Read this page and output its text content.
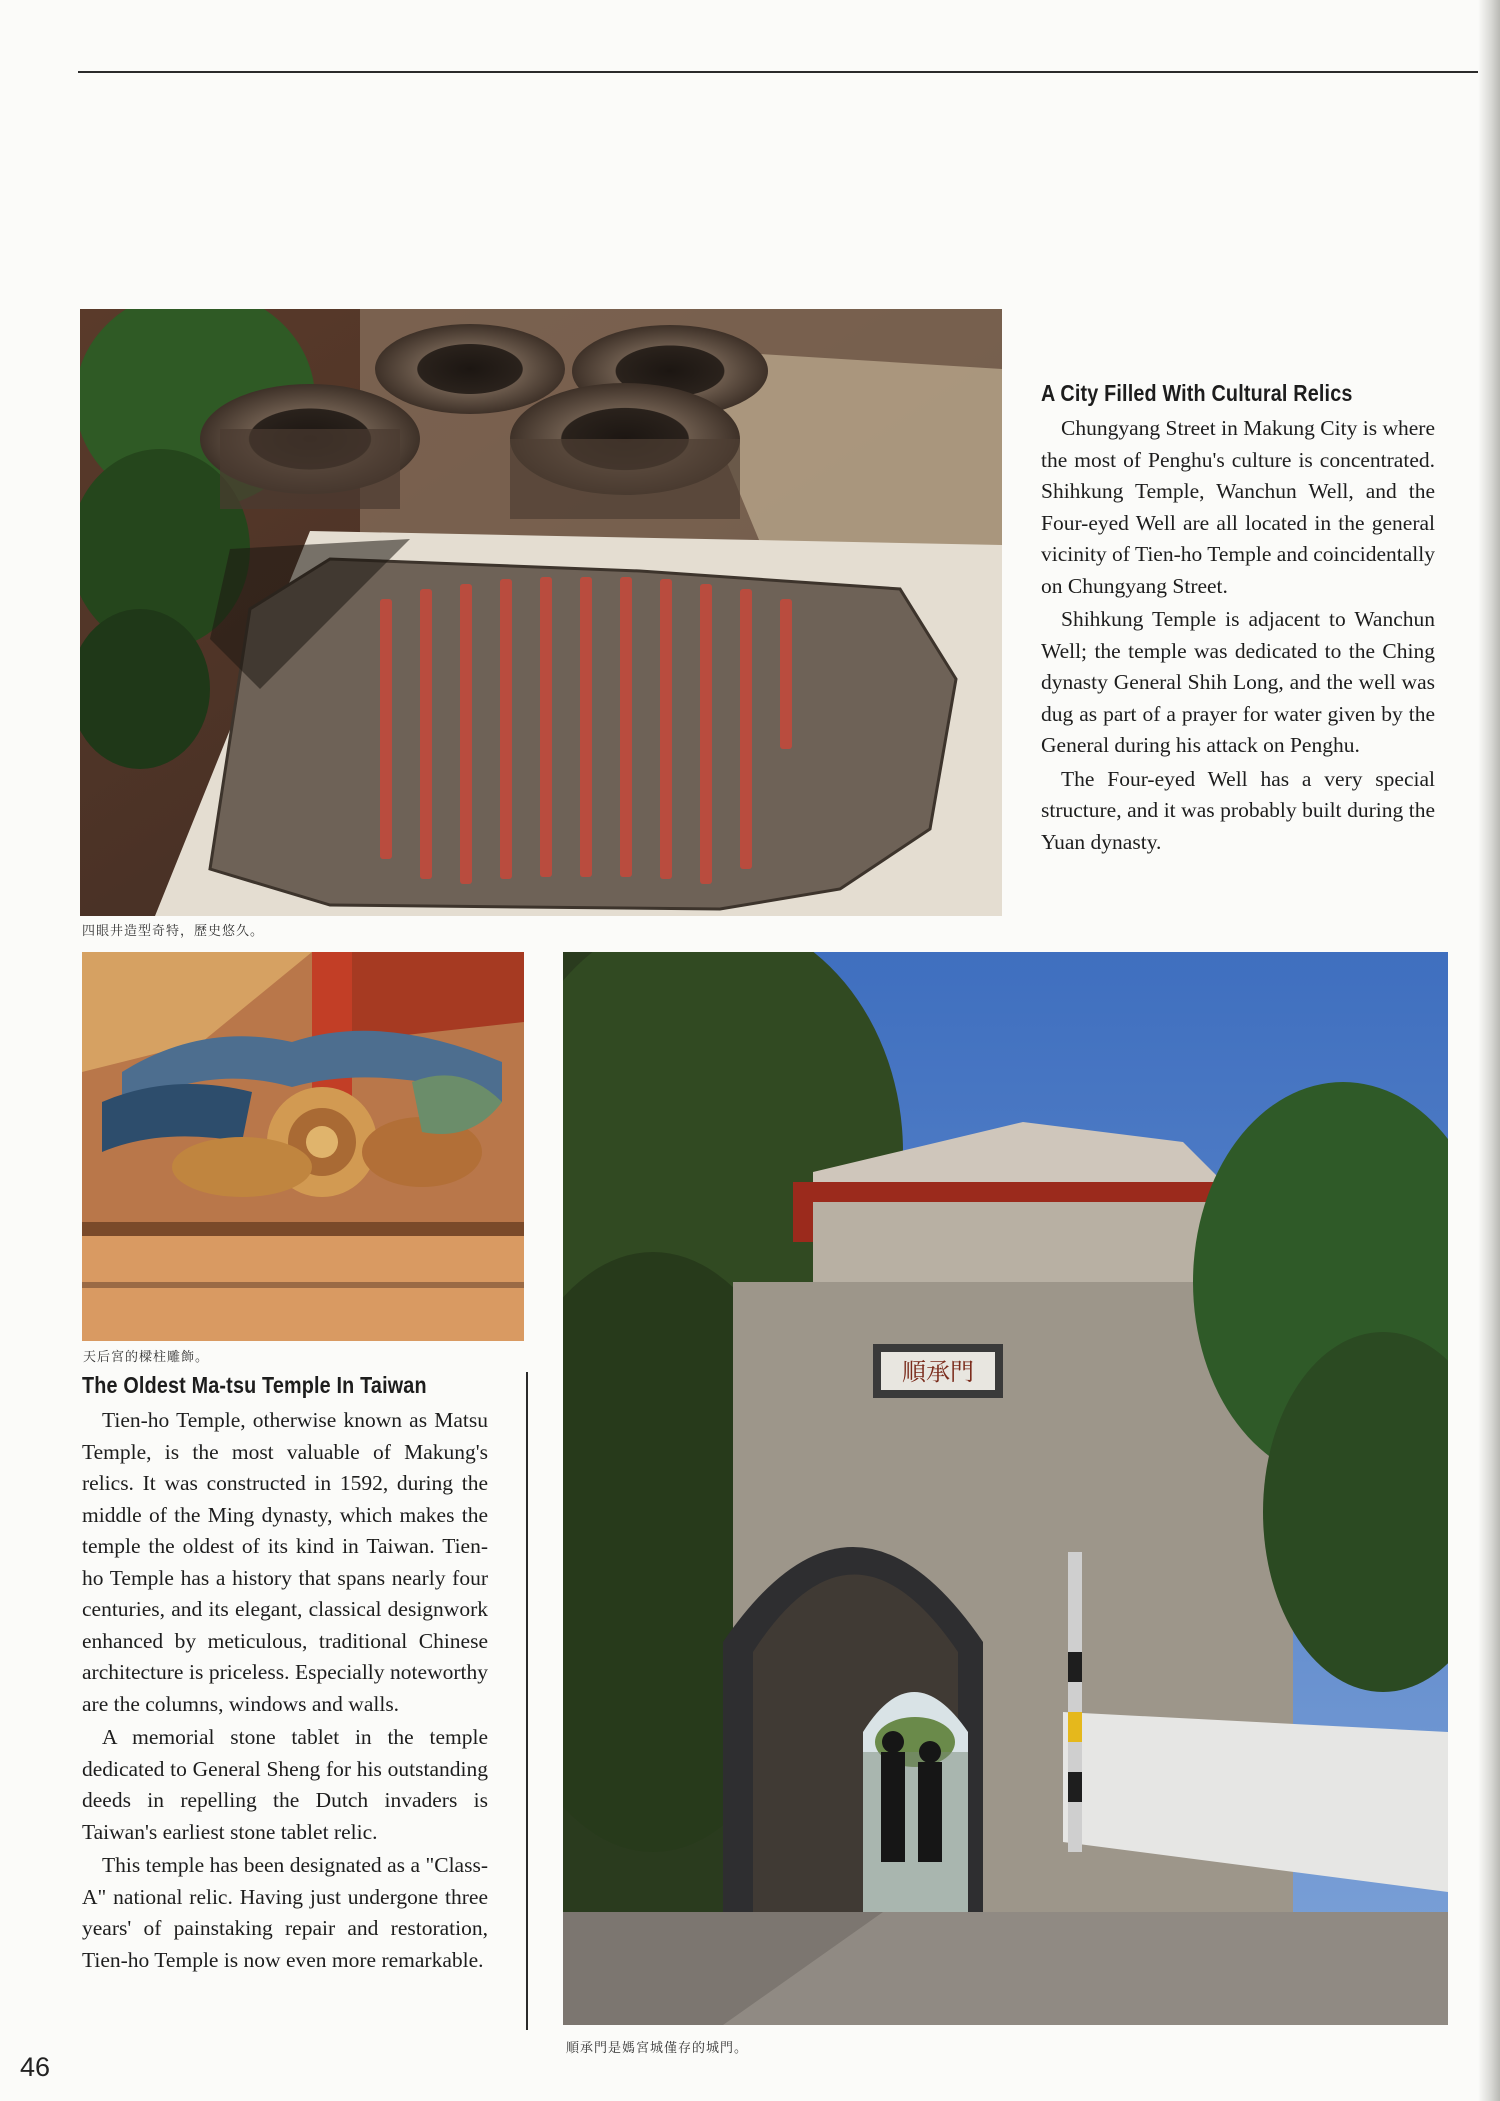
四眼井造型奇特，歷史悠久。
A City Filled With Cultural Relics

Chungyang Street in Makung City is where the most of Penghu's culture is concentrated. Shihkung Temple, Wanchun Well, and the Four-eyed Well are all located in the general vicinity of Tien-ho Temple and coincidentally on Chungyang Street.

Shihkung Temple is adjacent to Wanchun Well; the temple was dedicated to the Ching dynasty General Shih Long, and the well was dug as part of a prayer for water given by the General during his attack on Penghu.

The Four-eyed Well has a very special structure, and it was probably built during the Yuan dynasty.

天后宮的樑柱雕飾。
The Oldest Ma-tsu Temple In Taiwan

Tien-ho Temple, otherwise known as Matsu Temple, is the most valuable of Makung's relics. It was constructed in 1592, during the middle of the Ming dynasty, which makes the temple the oldest of its kind in Taiwan. Tien-ho Temple has a history that spans nearly four centuries, and its elegant, classical designwork enhanced by meticulous, traditional Chinese architecture is priceless. Especially noteworthy are the columns, windows and walls.

A memorial stone tablet in the temple dedicated to General Sheng for his outstanding deeds in repelling the Dutch invaders is Taiwan's earliest stone tablet relic.

This temple has been designated as a "Class-A" national relic. Having just undergone three years' of painstaking repair and restoration, Tien-ho Temple is now even more remarkable.

順承門
順承門是媽宮城僅存的城門。
46
